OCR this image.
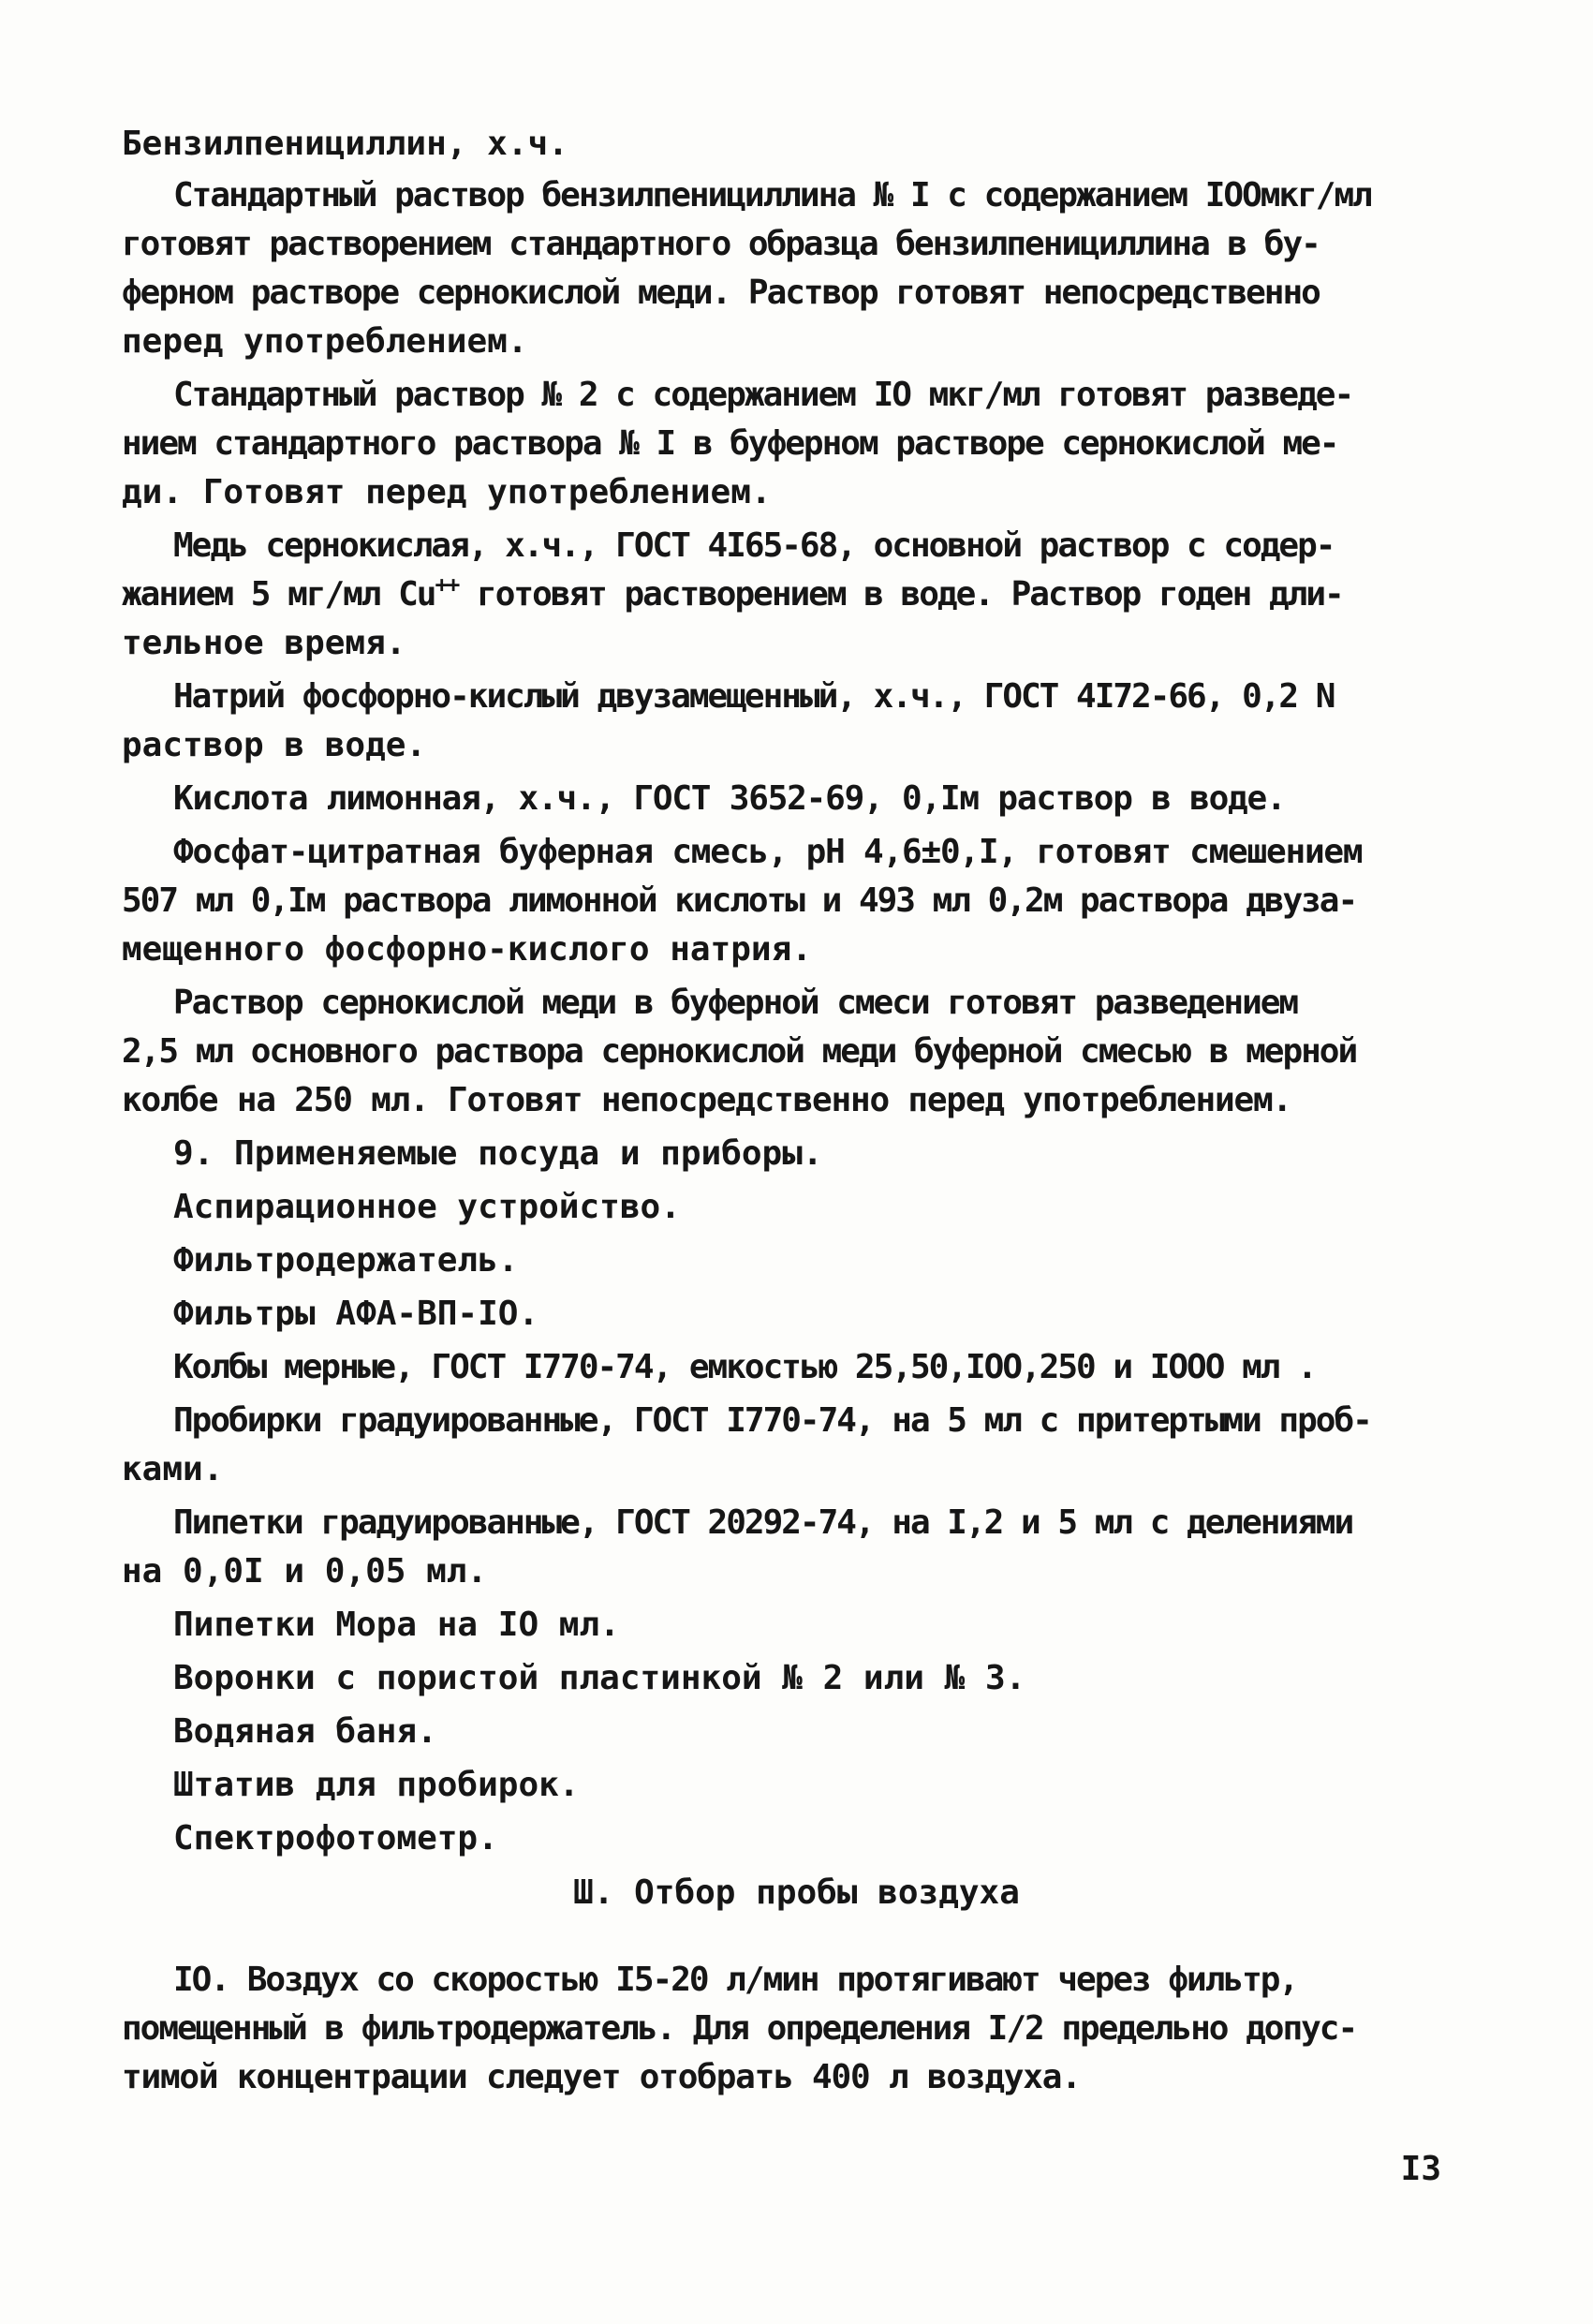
Бензилпенициллин, х.ч.

Стандартный раствор бензилпенициллина № I с содержанием IOOмкг/мл

готовят растворением стандартного образца бензилпенициллина в бу-

ферном растворе сернокислой меди. Раствор готовят непосредственно

перед употреблением.

Стандартный раствор № 2 с содержанием IO мкг/мл готовят разведе-

нием стандартного раствора № I в буферном растворе сернокислой ме-

ди. Готовят перед употреблением.

Медь сернокислая, х.ч., ГОСТ 4I65-68, основной раствор с содер-

жанием 5 мг/мл Cu++ готовят растворением в воде. Раствор годен дли-

тельное время.

Натрий фосфорно-кислый двузамещенный, х.ч., ГОСТ 4I72-66, 0,2 N

раствор в воде.

Кислота лимонная, х.ч., ГОСТ 3652-69, 0,Iм раствор в воде.

Фосфат-цитратная буферная смесь, рН 4,6±0,I, готовят смешением

507 мл 0,Iм раствора лимонной кислоты и 493 мл 0,2м раствора двуза-

мещенного фосфорно-кислого натрия.

Раствор сернокислой меди в буферной смеси готовят разведением

2,5 мл основного раствора сернокислой меди буферной смесью в мерной

колбе на 250 мл. Готовят непосредственно перед употреблением.

9. Применяемые посуда и приборы.

Аспирационное устройство.

Фильтродержатель.

Фильтры АФА-ВП-IO.

Колбы мерные, ГОСТ I770-74, емкостью 25,50,IOO,250 и IOOO мл .

Пробирки градуированные, ГОСТ I770-74, на 5 мл с притертыми проб-

ками.

Пипетки градуированные, ГОСТ 20292-74, на I,2 и 5 мл с делениями

на 0,0I и 0,05 мл.

Пипетки Мора на IO мл.

Воронки с пористой пластинкой № 2 или № 3.

Водяная баня.

Штатив для пробирок.

Спектрофотометр.

Ш. Отбор пробы воздуха

IO. Воздух со скоростью I5-20 л/мин протягивают через фильтр,

помещенный в фильтродержатель. Для определения I/2 предельно допус-

тимой концентрации следует отобрать 400 л воздуха.

I3
